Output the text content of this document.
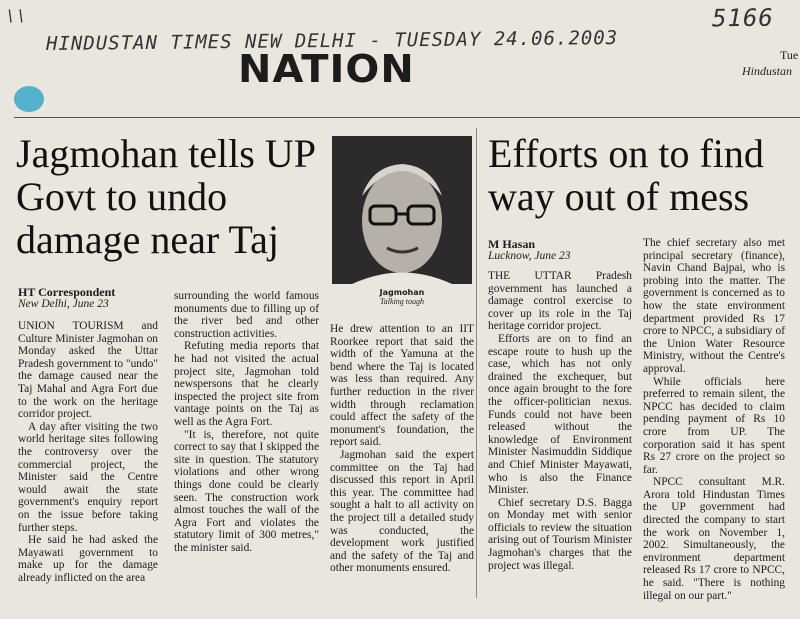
\\
HINDUSTAN TIMES NEW DELHI - TUESDAY 24.06.2003
5166
NATION	Tue
Hindustan
Jagmohan tells UP Govt to undo damage near Taj
Jagmohan
Talking tough
HT Correspondent
New Delhi, June 23

UNION TOURISM and Culture Minister Jagmohan on Monday asked the Uttar Pradesh government to "undo" the damage caused near the Taj Mahal and Agra Fort due to the work on the heritage corridor project.

A day after visiting the two world heritage sites following the controversy over the commercial project, the Minister said the Centre would await the state government's enquiry report on the issue before taking further steps.

He said he had asked the Mayawati government to make up for the damage already inflicted on the area

surrounding the world famous monuments due to filling up of the river bed and other construction activities.

Refuting media reports that he had not visited the actual project site, Jagmohan told newspersons that he clearly inspected the project site from vantage points on the Taj as well as the Agra Fort.

"It is, therefore, not quite correct to say that I skipped the site in question. The statutory violations and other wrong things done could be clearly seen. The construction work almost touches the wall of the Agra Fort and violates the statutory limit of 300 metres," the minister said.

He drew attention to an IIT Roorkee report that said the width of the Yamuna at the bend where the Taj is located was less than required. Any further reduction in the river width through reclamation could affect the safety of the monument's foundation, the report said.

Jagmohan said the expert committee on the Taj had discussed this report in April this year. The committee had sought a halt to all activity on the project till a detailed study was conducted, the development work justified and the safety of the Taj and other monuments ensured.

Efforts on to find way out of mess
M Hasan
Lucknow, June 23

THE UTTAR Pradesh government has launched a damage control exercise to cover up its role in the Taj heritage corridor project.

Efforts are on to find an escape route to hush up the case, which has not only drained the exchequer, but once again brought to the fore the officer-politician nexus. Funds could not have been released without the knowledge of Environment Minister Nasimuddin Siddique and Chief Minister Mayawati, who is also the Finance Minister.

Chief secretary D.S. Bagga on Monday met with senior officials to review the situation arising out of Tourism Minister Jagmohan's charges that the project was illegal.

The chief secretary also met principal secretary (finance), Navin Chand Bajpai, who is probing into the matter. The government is concerned as to how the state environment department provided Rs 17 crore to NPCC, a subsidiary of the Union Water Resource Ministry, without the Centre's approval.

While officials here preferred to remain silent, the NPCC has decided to claim pending payment of Rs 10 crore from UP. The corporation said it has spent Rs 27 crore on the project so far.

NPCC consultant M.R. Arora told Hindustan Times the UP government had directed the company to start the work on November 1, 2002. Simultaneously, the environment department released Rs 17 crore to NPCC, he said. "There is nothing illegal on our part."
